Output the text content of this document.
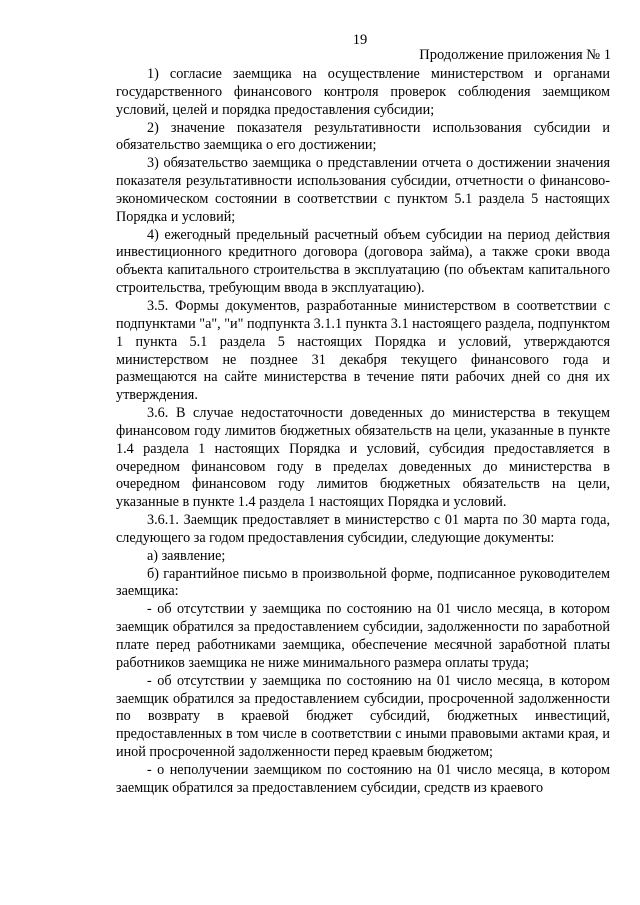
19
Продолжение приложения № 1

1) согласие заемщика на осуществление министерством и органами государственного финансового контроля проверок соблюдения заемщиком условий, целей и порядка предоставления субсидии;

2) значение показателя результативности использования субсидии и обязательство заемщика о его достижении;

3) обязательство заемщика о представлении отчета о достижении значения показателя результативности использования субсидии, отчетности о финансово-экономическом состоянии в соответствии с пунктом 5.1 раздела 5 настоящих Порядка и условий;

4) ежегодный предельный расчетный объем субсидии на период действия инвестиционного кредитного договора (договора займа), а также сроки ввода объекта капитального строительства в эксплуатацию (по объектам капитального строительства, требующим ввода в эксплуатацию).

3.5. Формы документов, разработанные министерством в соответствии с подпунктами "а", "и" подпункта 3.1.1 пункта 3.1 настоящего раздела, подпунктом 1 пункта 5.1 раздела 5 настоящих Порядка и условий, утверждаются министерством не позднее 31 декабря текущего финансового года и размещаются на сайте министерства в течение пяти рабочих дней со дня их утверждения.

3.6. В случае недостаточности доведенных до министерства в текущем финансовом году лимитов бюджетных обязательств на цели, указанные в пункте 1.4 раздела 1 настоящих Порядка и условий, субсидия предоставляется в очередном финансовом году в пределах доведенных до министерства в очередном финансовом году лимитов бюджетных обязательств на цели, указанные в пункте 1.4 раздела 1 настоящих Порядка и условий.

3.6.1. Заемщик предоставляет в министерство с 01 марта по 30 марта года, следующего за годом предоставления субсидии, следующие документы:

а) заявление;

б) гарантийное письмо в произвольной форме, подписанное руководителем заемщика:

- об отсутствии у заемщика по состоянию на 01 число месяца, в котором заемщик обратился за предоставлением субсидии, задолженности по заработной плате перед работниками заемщика, обеспечение месячной заработной платы работников заемщика не ниже минимального размера оплаты труда;

- об отсутствии у заемщика по состоянию на 01 число месяца, в котором заемщик обратился за предоставлением субсидии, просроченной задолженности по возврату в краевой бюджет субсидий, бюджетных инвестиций, предоставленных в том числе в соответствии с иными правовыми актами края, и иной просроченной задолженности перед краевым бюджетом;

- о неполучении заемщиком по состоянию на 01 число месяца, в котором заемщик обратился за предоставлением субсидии, средств из краевого
